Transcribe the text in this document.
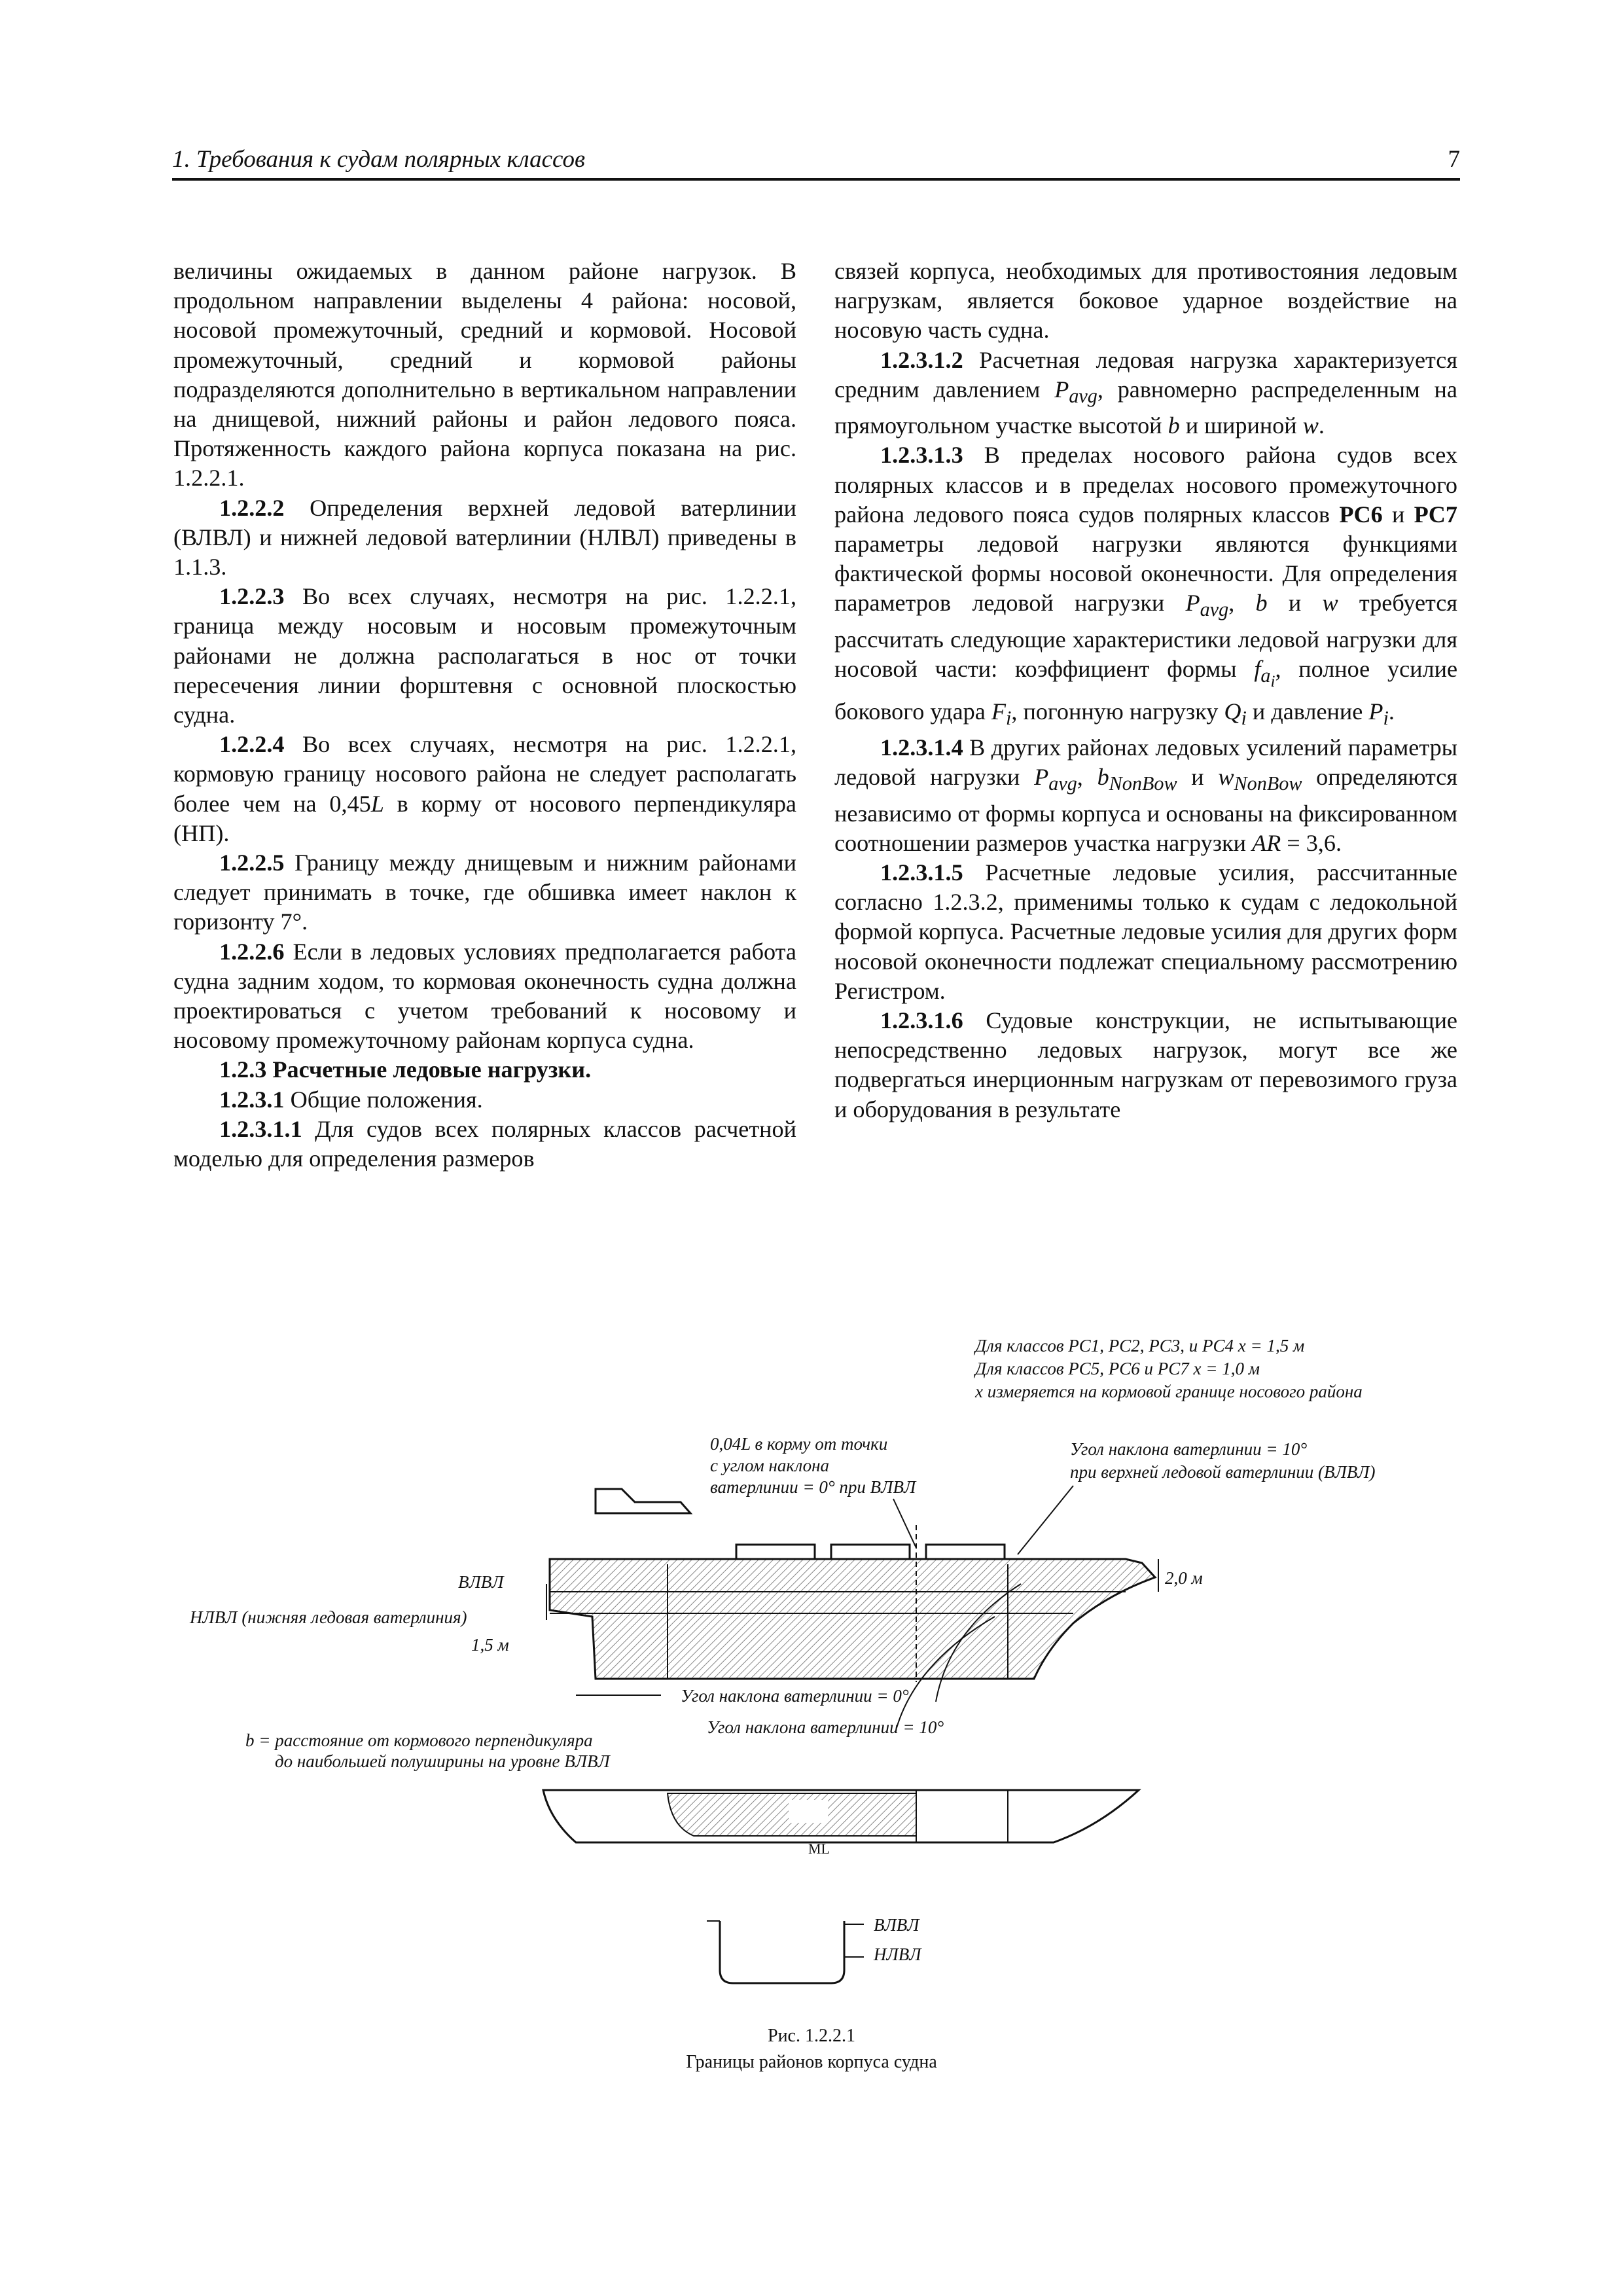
1. Требования к судам полярных классов	7

величины ожидаемых в данном районе нагрузок. В продольном направлении выделены 4 района: носовой, носовой промежуточный, средний и кормовой. Носовой промежуточный, средний и кормовой районы подразделяются дополнительно в вертикальном направлении на днищевой, нижний районы и район ледового пояса. Протяженность каждого района корпуса показана на рис. 1.2.2.1.

1.2.2.2 Определения верхней ледовой ватерлинии (ВЛВЛ) и нижней ледовой ватерлинии (НЛВЛ) приведены в 1.1.3.

1.2.2.3 Во всех случаях, несмотря на рис. 1.2.2.1, граница между носовым и носовым промежуточным районами не должна располагаться в нос от точки пересечения линии форштевня с основной плоскостью судна.

1.2.2.4 Во всех случаях, несмотря на рис. 1.2.2.1, кормовую границу носового района не следует располагать более чем на 0,45L в корму от носового перпендикуляра (НП).

1.2.2.5 Границу между днищевым и нижним районами следует принимать в точке, где обшивка имеет наклон к горизонту 7°.

1.2.2.6 Если в ледовых условиях предполагается работа судна задним ходом, то кормовая оконечность судна должна проектироваться с учетом требований к носовому и носовому промежуточному районам корпуса судна.

1.2.3 Расчетные ледовые нагрузки.

1.2.3.1 Общие положения.

1.2.3.1.1 Для судов всех полярных классов расчетной моделью для определения размеров

связей корпуса, необходимых для противостояния ледовым нагрузкам, является боковое ударное воздействие на носовую часть судна.

1.2.3.1.2 Расчетная ледовая нагрузка характеризуется средним давлением $P_{avg}$, равномерно распределенным на прямоугольном участке высотой b и шириной w.

1.2.3.1.3 В пределах носового района судов всех полярных классов и в пределах носового промежуточного района ледового пояса судов полярных классов PC6 и PC7 параметры ледовой нагрузки являются функциями фактической формы носовой оконечности. Для определения параметров ледовой нагрузки $P_{avg}$, b и w требуется рассчитать следующие характеристики ледовой нагрузки для носовой части: коэффициент формы $f_{a_i}$, полное усилие бокового удара $F_i$, погонную нагрузку $Q_i$ и давление $P_i$.

1.2.3.1.4 В других районах ледовых усилений параметры ледовой нагрузки $P_{avg}$, $b_{NonBow}$ и $w_{NonBow}$ определяются независимо от формы корпуса и основаны на фиксированном соотношении размеров участка нагрузки AR = 3,6.

1.2.3.1.5 Расчетные ледовые усилия, рассчитанные согласно 1.2.3.2, применимы только к судам с ледокольной формой корпуса. Расчетные ледовые усилия для других форм носовой оконечности подлежат специальному рассмотрению Регистром.

1.2.3.1.6 Судовые конструкции, не испытывающие непосредственно ледовых нагрузок, могут все же подвергаться инерционным нагрузкам от перевозимого груза и оборудования в результате

Для классов PC1, PC2, PC3, и PC4 x = 1,5 м
Для классов PC5, PC6 и PC7 x = 1,0 м
x измеряется на кормовой границе носового района
0,04L в корму от точки
с углом наклона
ватерлинии = 0° при ВЛВЛ
Угол наклона ватерлинии = 10°
при верхней ледовой ватерлинии (ВЛВЛ)
ВЛВЛ
НЛВЛ (нижняя ледовая ватерлиния)
1,5 м
2,0 м
Угол наклона ватерлинии = 0°
Угол наклона ватерлинии = 10°
b = расстояние от кормового перпендикуляра
до наибольшей полуширины на уровне ВЛВЛ
ML
ВЛВЛ
НЛВЛ
Рис. 1.2.2.1
Границы районов корпуса судна
